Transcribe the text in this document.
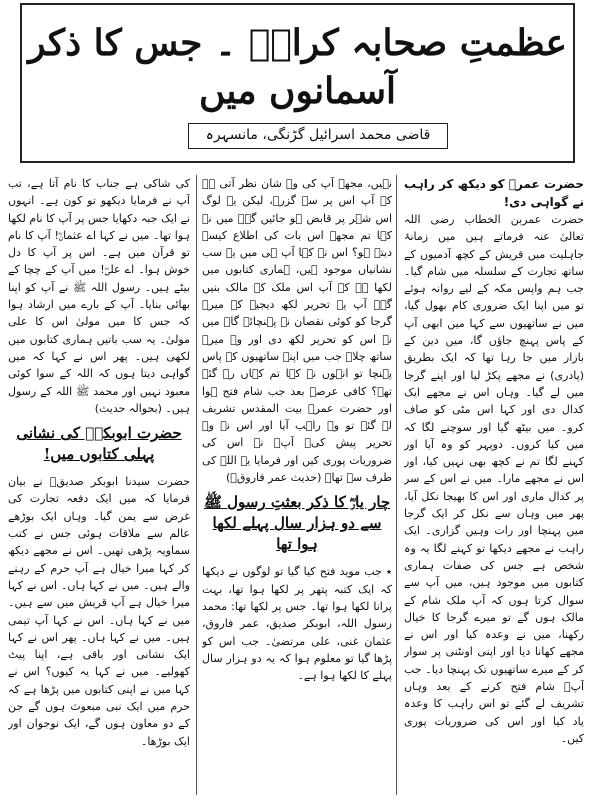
عظمتِ صحابہ کرامؓ ۔ جس کا ذکر آسمانوں میں
قاضی محمد اسرائیل گڑنگی، مانسہرہ

حضرت عمرؓ کو دیکھ کر راہب نے گواہی دی!

حضرت عمربن الخطاب رضی اللہ تعالیٰ عنہ فرماتے ہیں میں زمانۂ جاہلیت میں قریش کے کچھ آدمیوں کے ساتھ تجارت کے سلسلہ میں شام گیا۔ جب ہم واپس مکہ کے لیے روانہ ہوئے تو میں اپنا ایک ضروری کام بھول گیا، میں نے ساتھیوں سے کہا میں ابھی آپ کے پاس پہنچ جاؤں گا، میں دین کے بازار میں جا رہا تھا کہ ایک بطریق (پادری) نے مجھے پکڑ لیا اور اپنے گرجا میں لے گیا۔ وہاں اس نے مجھے ایک کدال دی اور کہا اس مٹی کو صاف کرو۔ میں بیٹھ گیا اور سوچنے لگا کہ میں کیا کروں۔ دوپہر کو وہ آیا اور کہنے لگا تم نے کچھ بھی نہیں کیا، اور اس نے مجھے مارا۔ میں نے اس کے سر پر کدال ماری اور اس کا بھیجا نکل آیا، پھر میں وہاں سے نکل کر ایک گرجا میں پہنچا اور رات وہیں گزاری۔ ایک راہب نے مجھے دیکھا تو کہنے لگا یہ وہ شخص ہے جس کی صفات ہماری کتابوں میں موجود ہیں، میں آپ سے سوال کرتا ہوں کہ آپ ملک شام کے مالک ہوں گے تو میرے گرجا کا خیال رکھنا، میں نے وعدہ کیا اور اس نے مجھے کھانا دیا اور اپنی اونٹنی پر سوار کر کے میرے ساتھیوں تک پہنچا دیا۔ جب آپؓ شام فتح کرنے کے بعد وہاں تشریف لے گئے تو اس راہب کا وعدہ یاد کیا اور اس کی ضروریات پوری کیں۔

نہیں، مجھے آپ کی وہ شان نظر آتی ہے کہ آپ اس پر سے گزرے، لیکن یہ لوگ اس شہر پر قابض ہو جائیں گے۔ میں نے کہا تم مجھے اس بات کی اطلاع کیسے دیتے ہو؟ اس نے کہا آپ ہی میں یہ سب نشانیاں موجود ہیں، ہماری کتابوں میں لکھا ہے کہ آپ اس ملک کے مالک بنیں گے۔ آپ یہ تحریر لکھ دیجیے کہ میرے گرجا کو کوئی نقصان نہ پہنچائے گا۔ میں نے اس کو تحریر لکھ دی اور وہ میرے ساتھ چلا۔ جب میں اپنے ساتھیوں کے پاس پہنچا تو انہوں نے کہا تم کہاں رہ گئے تھے؟ کافی عرصہ بعد جب شام فتح ہوا اور حضرت عمرؓ بیت المقدس تشریف لے گئے تو وہ راہب آیا اور اس نے وہ تحریر پیش کی۔ آپؓ نے اس کی ضروریات پوری کیں اور فرمایا یہ اللہ کی طرف سے تھا۔ (حدیث عمر فاروقؓ)

چار یارؓ کا ذکر بعثتِ رسول ﷺ سے دو ہزار سال پہلے لکھا ہوا تھا

٭ جب موید فتح کیا گیا تو لوگوں نے دیکھا کہ ایک کتبہ پتھر پر لکھا ہوا تھا، بہت پرانا لکھا ہوا تھا۔ جس پر لکھا تھا: محمد رسول اللہ، ابوبکر صدیق، عمر فاروق، عثمان غنی، علی مرتضیٰ۔ جب اس کو پڑھا گیا تو معلوم ہوا کہ یہ دو ہزار سال پہلے کا لکھا ہوا ہے۔

کی شاکی ہے جناب کا نام آتا ہے، تب آپ نے فرمایا دیکھو تو کون ہے۔ انہوں نے ایک جبہ دکھایا جس پر آپ کا نام لکھا ہوا تھا۔ میں نے کہا اے عثمانؓ! آپ کا نام تو قرآن میں ہے۔ اس پر آپ کا دل خوش ہوا۔ اے علیؓ! میں آپ کے چچا کے بیٹے ہیں۔ رسول اللہ ﷺ نے آپ کو اپنا بھائی بنایا۔ آپ کے بارے میں ارشاد ہوا کہ جس کا میں مولیٰ اس کا علی مولیٰ۔ یہ سب باتیں ہماری کتابوں میں لکھی ہیں۔ پھر اس نے کہا کہ میں گواہی دیتا ہوں کہ اللہ کے سوا کوئی معبود نہیں اور محمد ﷺ اللہ کے رسول ہیں۔ (بحوالہ حدیث)

حضرت ابوبکرؓ کی نشانی پہلی کتابوں میں!

حضرت سیدنا ابوبکر صدیقؓ نے بیان فرمایا کہ میں ایک دفعہ تجارت کی غرض سے یمن گیا۔ وہاں ایک بوڑھے عالم سے ملاقات ہوئی جس نے کتب سماویہ پڑھی تھیں۔ اس نے مجھے دیکھ کر کہا میرا خیال ہے آپ حرم کے رہنے والے ہیں۔ میں نے کہا ہاں۔ اس نے کہا میرا خیال ہے آپ قریش میں سے ہیں۔ میں نے کہا ہاں۔ اس نے کہا آپ تیمی ہیں۔ میں نے کہا ہاں۔ پھر اس نے کہا ایک نشانی اور باقی ہے، اپنا پیٹ کھولیے۔ میں نے کہا یہ کیوں؟ اس نے کہا میں نے اپنی کتابوں میں پڑھا ہے کہ حرم میں ایک نبی مبعوث ہوں گے جن کے دو معاون ہوں گے، ایک نوجوان اور ایک بوڑھا۔
